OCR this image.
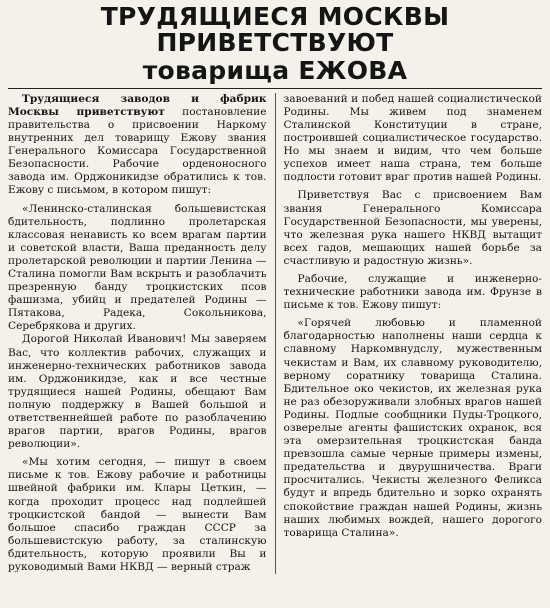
ТРУДЯЩИЕСЯ МОСКВЫ ПРИВЕТСТВУЮТ
товарища ЕЖОВА

Трудящиеся заводов и фабрик Москвы приветствуют постановление правительства о присвоении Наркому внутренних дел товарищу Ежову звания Генерального Комиссара Государственной Безопасности. Рабочие орденоносного завода им. Орджоникидзе обратились к тов. Ежову с письмом, в котором пишут:

«Ленинско-сталинская большевистская бдительность, подлинно пролетарская классовая ненависть ко всем врагам партии и советской власти, Ваша преданность делу пролетарской революции и партии Ленина — Сталина помогли Вам вскрыть и разоблачить презренную банду троцкистских псов фашизма, убийц и предателей Родины — Пятакова, Радека, Сокольникова, Серебрякова и других.

Дорогой Николай Иванович! Мы заверяем Вас, что коллектив рабочих, служащих и инженерно-технических работников завода им. Орджоникидзе, как и все честные трудящиеся нашей Родины, обещают Вам полную поддержку в Вашей большой и ответственнейшей работе по разоблачению врагов партии, врагов Родины, врагов революции».

«Мы хотим сегодня, — пишут в своем письме к тов. Ежову рабочие и работницы швейной фабрики им. Клары Цеткин, — когда проходит процесс над подлейшей троцкистской бандой — вынести Вам большое спасибо граждан СССР за большевистскую работу, за сталинскую бдительность, которую проявили Вы и руководимый Вами НКВД — верный страж

завоеваний и побед нашей социалистической Родины. Мы живем под знаменем Сталинской Конституции в стране, построившей социалистическое государство. Но мы знаем и видим, что чем больше успехов имеет наша страна, тем больше подлости готовит враг против нашей Родины.

Приветствуя Вас с присвоением Вам звания Генерального Комиссара Государственной Безопасности, мы уверены, что железная рука нашего НКВД вытащит всех гадов, мешающих нашей борьбе за счастливую и радостную жизнь».

Рабочие, служащие и инженерно-технические работники завода им. Фрунзе в письме к тов. Ежову пишут:

«Горячей любовью и пламенной благодарностью наполнены наши сердца к славному Наркомвнудслу, мужественным чекистам и Вам, их славному руководителю, верному соратнику товарища Сталина. Бдительное око чекистов, их железная рука не раз обезоруживали злобных врагов нашей Родины. Подлые сообщники Пуды-Троцкого, озверелые агенты фашистских охранок, вся эта омерзительная троцкистская банда превзошла самые черные примеры измены, предательства и двурушничества. Враги просчитались. Чекисты железного Феликса будут и впредь бдительно и зорко охранять спокойствие граждан нашей Родины, жизнь наших любимых вождей, нашего дорогого товарища Сталина».
